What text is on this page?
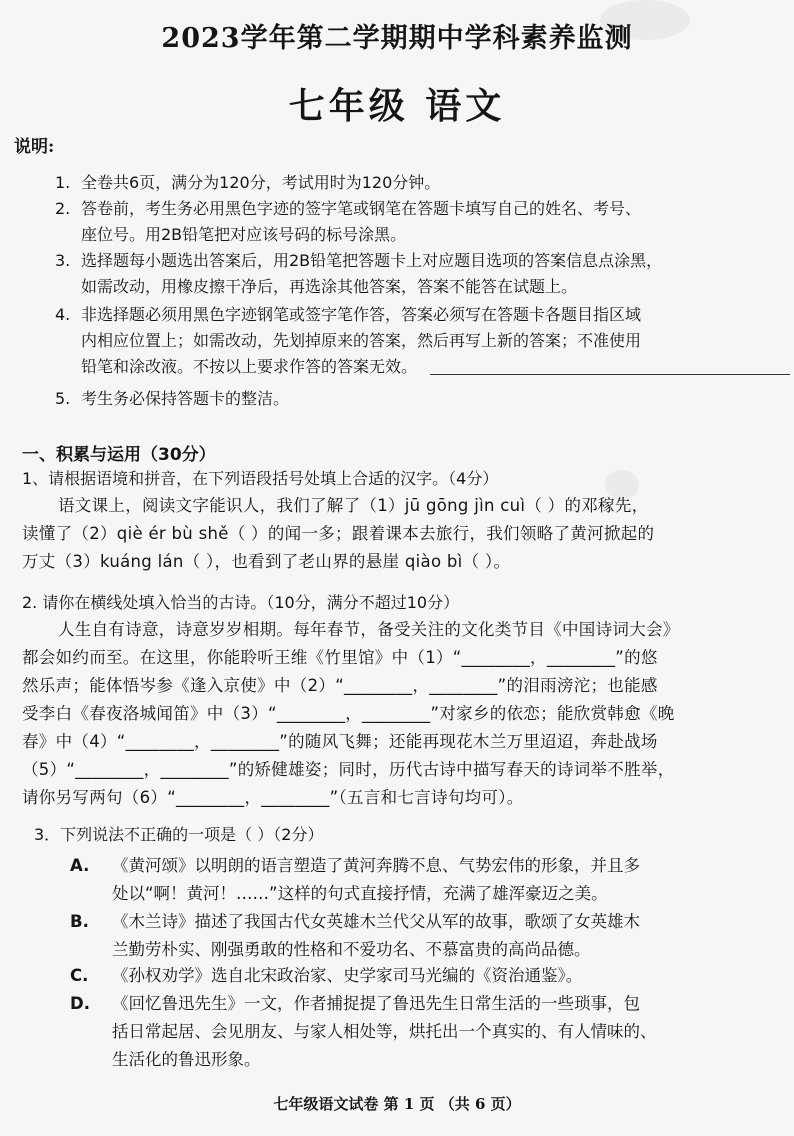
2023学年第二学期期中学科素养监测
七年级 语文
说明:
1. 全卷共6页，满分为120分，考试用时为120分钟。
2. 答卷前，考生务必用黑色字迹的签字笔或钢笔在答题卡填写自己的姓名、考号、
座位号。用2B铅笔把对应该号码的标号涂黑。
3. 选择题每小题选出答案后，用2B铅笔把答题卡上对应题目选项的答案信息点涂黑，
如需改动，用橡皮擦干净后，再选涂其他答案，答案不能答在试题上。
4. 非选择题必须用黑色字迹钢笔或签字笔作答，答案必须写在答题卡各题目指区域
内相应位置上；如需改动，先划掉原来的答案，然后再写上新的答案；不准使用
铅笔和涂改液。不按以上要求作答的答案无效。
5. 考生务必保持答题卡的整洁。
一、积累与运用（30分）
1、请根据语境和拼音，在下列语段括号处填上合适的汉字。（4分）
语文课上，阅读文字能识人，我们了解了（1）jū gōng jìn cuì（ ）的邓稼先，
读懂了（2）qiè ér bù shě（ ）的闻一多；跟着课本去旅行，我们领略了黄河掀起的
万丈（3）kuáng lán（ ），也看到了老山界的悬崖 qiào bì（ ）。
2. 请你在横线处填入恰当的古诗。（10分，满分不超过10分）
人生自有诗意，诗意岁岁相期。每年春节，备受关注的文化类节目《中国诗词大会》
都会如约而至。在这里，你能聆听王维《竹里馆》中（1）“________，________”的悠
然乐声；能体悟岑参《逢入京使》中（2）“________，________”的泪雨滂沱；也能感
受李白《春夜洛城闻笛》中（3）“________，________”对家乡的依恋；能欣赏韩愈《晚
春》中（4）“________，________”的随风飞舞；还能再现花木兰万里迢迢，奔赴战场
（5）“________，________”的矫健雄姿；同时，历代古诗中描写春天的诗词举不胜举，
请你另写两句（6）“________，________”（五言和七言诗句均可）。
3．下列说法不正确的一项是（ ）（2分）
A. 《黄河颂》以明朗的语言塑造了黄河奔腾不息、气势宏伟的形象，并且多
处以“啊！黄河！……”这样的句式直接抒情，充满了雄浑豪迈之美。
B. 《木兰诗》描述了我国古代女英雄木兰代父从军的故事，歌颂了女英雄木
兰勤劳朴实、刚强勇敢的性格和不爱功名、不慕富贵的高尚品德。
C. 《孙权劝学》选自北宋政治家、史学家司马光编的《资治通鉴》。
D. 《回忆鲁迅先生》一文，作者捕捉提了鲁迅先生日常生活的一些琐事，包
括日常起居、会见朋友、与家人相处等，烘托出一个真实的、有人情味的、
生活化的鲁迅形象。
七年级语文试卷 第 1 页 （共 6 页）
